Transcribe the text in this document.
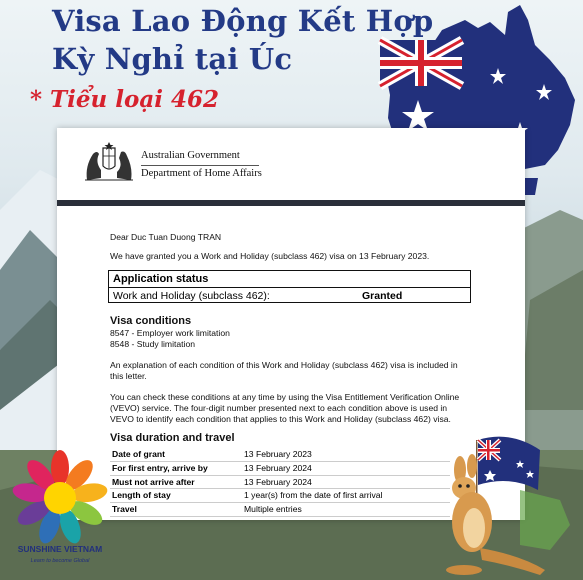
Visa Lao Động Kết Hợp
Kỳ Nghỉ tại Úc
* Tiểu loại 462
Australian Government
Department of Home Affairs
Dear Duc Tuan Duong TRAN
We have granted you a Work and Holiday (subclass 462) visa on 13 February 2023.
Application status
Work and Holiday (subclass 462):	Granted
Visa conditions
8547 - Employer work limitation
8548 - Study limitation
An explanation of each condition of this Work and Holiday (subclass 462) visa is included in
this letter.
You can check these conditions at any time by using the Visa Entitlement Verification Online
(VEVO) service. The four-digit number presented next to each condition above is used in
VEVO to identify each condition that applies to this Work and Holiday (subclass 462) visa.
Visa duration and travel
Date of grant	13 February 2023
For first entry, arrive by	13 February 2024
Must not arrive after	13 February 2024
Length of stay	1 year(s) from the date of first arrival
Travel	Multiple entries
SUNSHINE VIETNAM
Learn to become Global
